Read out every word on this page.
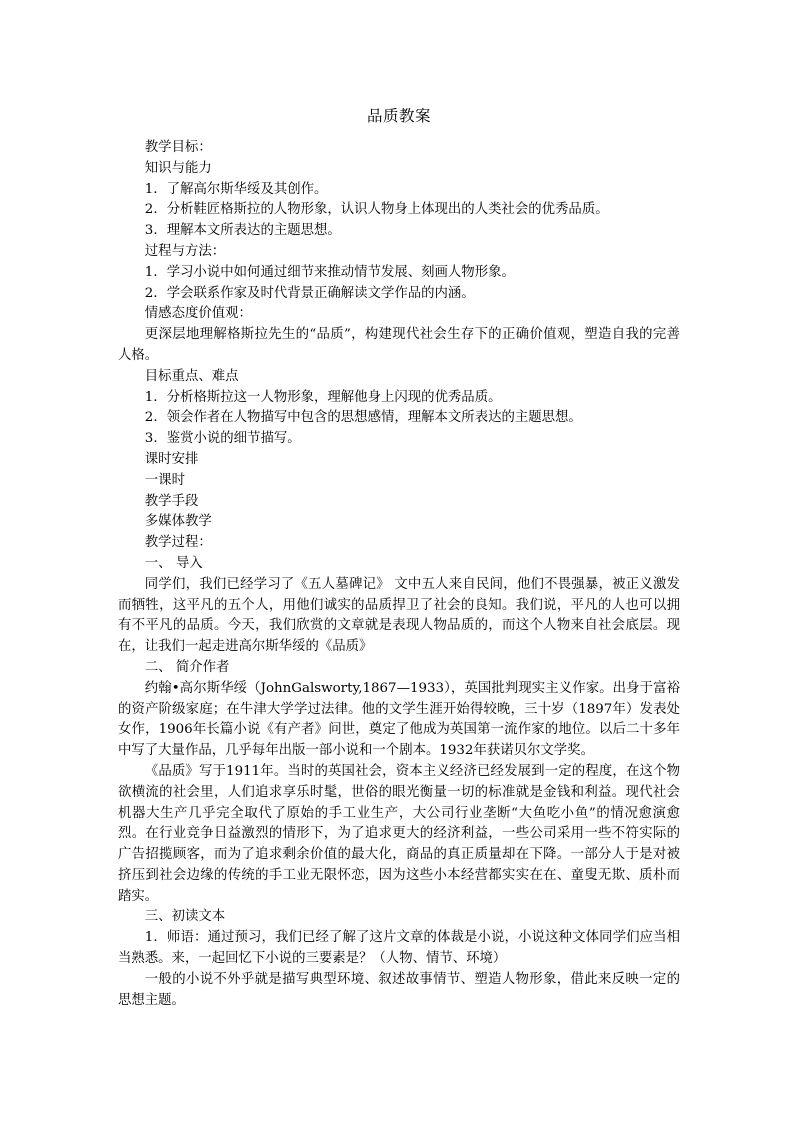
品质教案

教学目标：

知识与能力

1．了解高尔斯华绥及其创作。

2．分析鞋匠格斯拉的人物形象，认识人物身上体现出的人类社会的优秀品质。

3．理解本文所表达的主题思想。

过程与方法：

1．学习小说中如何通过细节来推动情节发展、刻画人物形象。

2．学会联系作家及时代背景正确解读文学作品的内涵。

情感态度价值观：

更深层地理解格斯拉先生的“品质”，构建现代社会生存下的正确价值观，塑造自我的完善人格。

目标重点、难点

1．分析格斯拉这一人物形象，理解他身上闪现的优秀品质。

2．领会作者在人物描写中包含的思想感情，理解本文所表达的主题思想。

3．鉴赏小说的细节描写。

课时安排

一课时

教学手段

多媒体教学

教学过程：

一、 导入

同学们，我们已经学习了《五人墓碑记》 文中五人来自民间，他们不畏强暴，被正义激发而牺牲，这平凡的五个人，用他们诚实的品质捍卫了社会的良知。我们说，平凡的人也可以拥有不平凡的品质。今天，我们欣赏的文章就是表现人物品质的，而这个人物来自社会底层。现在，让我们一起走进高尔斯华绥的《品质》

二、 简介作者

约翰•高尔斯华绥（JohnGalsworty,1867—1933），英国批判现实主义作家。出身于富裕的资产阶级家庭；在牛津大学学过法律。他的文学生涯开始得较晚，三十岁（1897年）发表处女作，1906年长篇小说《有产者》问世，奠定了他成为英国第一流作家的地位。以后二十多年中写了大量作品，几乎每年出版一部小说和一个剧本。1932年获诺贝尔文学奖。

《品质》写于1911年。当时的英国社会，资本主义经济已经发展到一定的程度，在这个物欲横流的社会里，人们追求享乐时髦，世俗的眼光衡量一切的标准就是金钱和利益。现代社会机器大生产几乎完全取代了原始的手工业生产，大公司行业垄断“大鱼吃小鱼”的情况愈演愈烈。在行业竞争日益激烈的情形下，为了追求更大的经济利益，一些公司采用一些不符实际的广告招揽顾客，而为了追求剩余价值的最大化，商品的真正质量却在下降。一部分人于是对被挤压到社会边缘的传统的手工业无限怀恋，因为这些小本经营都实实在在、童叟无欺、质朴而踏实。

三、初读文本

1．师语：通过预习，我们已经了解了这片文章的体裁是小说，小说这种文体同学们应当相当熟悉。来，一起回忆下小说的三要素是？（人物、情节、环境）

一般的小说不外乎就是描写典型环境、叙述故事情节、塑造人物形象，借此来反映一定的思想主题。
